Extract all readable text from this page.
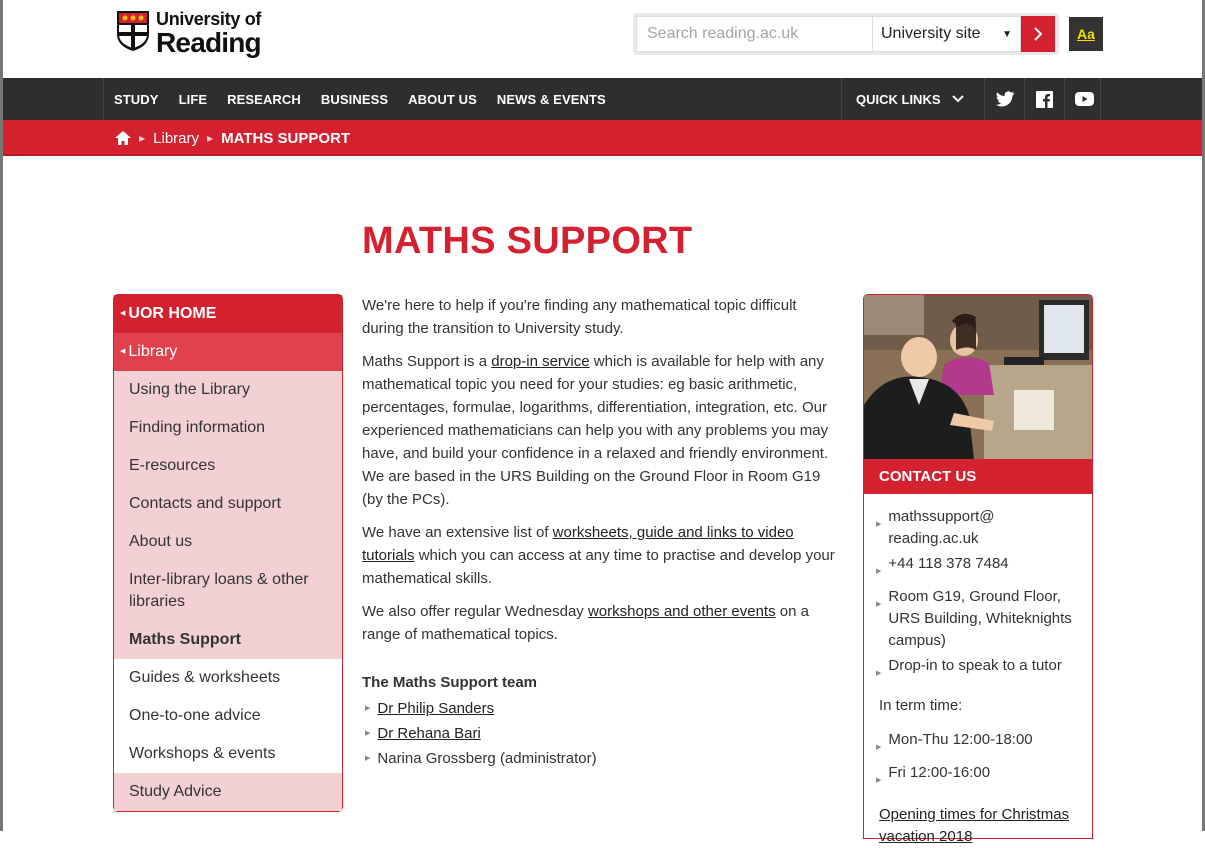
University of
Reading
Search reading.ac.uk	University site ▼	Aa
STUDY LIFE RESEARCH BUSINESS ABOUT US NEWS & EVENTS	QUICK LINKS
▶ Library ▶ MATHS SUPPORT
MATHS SUPPORT
◀ UOR HOME
◀ Library
Using the Library
Finding information
E-resources
Contacts and support
About us
Inter-library loans & other libraries
Maths Support
Guides & worksheets
One-to-one advice
Workshops & events
Study Advice

We're here to help if you're finding any mathematical topic difficult during the transition to University study.

Maths Support is a drop-in service which is available for help with any mathematical topic you need for your studies: eg basic arithmetic, percentages, formulae, logarithms, differentiation, integration, etc. Our experienced mathematicians can help you with any problems you may have, and build your confidence in a relaxed and friendly environment. We are based in the URS Building on the Ground Floor in Room G19 (by the PCs).

We have an extensive list of worksheets, guide and links to video tutorials which you can access at any time to practise and develop your mathematical skills.

We also offer regular Wednesday workshops and other events on a range of mathematical topics.

The Maths Support team
▶ Dr Philip Sanders
▶ Dr Rehana Bari
▶ Narina Grossberg (administrator)
CONTACT US
▶ mathssupport@
reading.ac.uk
▶ +44 118 378 7484
▶ Room G19, Ground Floor, URS Building, Whiteknights campus)
▶ Drop-in to speak to a tutor
In term time:
▶ Mon-Thu 12:00-18:00
▶ Fri 12:00-16:00
Opening times for Christmas vacation 2018
